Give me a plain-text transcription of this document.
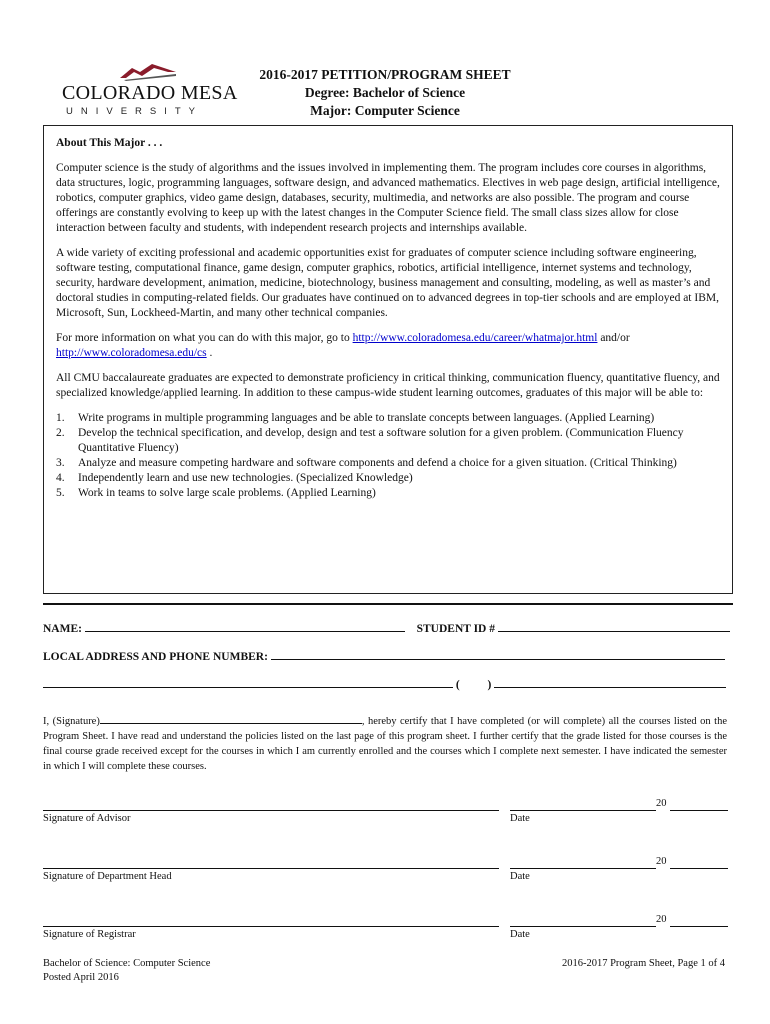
COLORADO MESA
UNIVERSITY
2016-2017 PETITION/PROGRAM SHEET
Degree: Bachelor of Science
Major: Computer Science

About This Major . . .

Computer science is the study of algorithms and the issues involved in implementing them. The program includes core courses in algorithms, data structures, logic, programming languages, software design, and advanced mathematics. Electives in web page design, artificial intelligence, robotics, computer graphics, video game design, databases, security, multimedia, and networks are also possible. The program and course offerings are constantly evolving to keep up with the latest changes in the Computer Science field. The small class sizes allow for close interaction between faculty and students, with independent research projects and internships available.

A wide variety of exciting professional and academic opportunities exist for graduates of computer science including software engineering, software testing, computational finance, game design, computer graphics, robotics, artificial intelligence, internet systems and technology, security, hardware development, animation, medicine, biotechnology, business management and consulting, modeling, as well as master’s and doctoral studies in computing-related fields. Our graduates have continued on to advanced degrees in top-tier schools and are employed at IBM, Microsoft, Sun, Lockheed-Martin, and many other technical companies.

For more information on what you can do with this major, go to http://www.coloradomesa.edu/career/whatmajor.html and/or http://www.coloradomesa.edu/cs .

All CMU baccalaureate graduates are expected to demonstrate proficiency in critical thinking, communication fluency, quantitative fluency, and specialized knowledge/applied learning. In addition to these campus-wide student learning outcomes, graduates of this major will be able to:

1.	Write programs in multiple programming languages and be able to translate concepts between languages. (Applied Learning)
2.	Develop the technical specification, and develop, design and test a software solution for a given problem. (Communication Fluency Quantitative Fluency)
3.	Analyze and measure competing hardware and software components and defend a choice for a given situation. (Critical Thinking)
4.	Independently learn and use new technologies. (Specialized Knowledge)
5.	Work in teams to solve large scale problems. (Applied Learning)
NAME:	STUDENT ID #
LOCAL ADDRESS AND PHONE NUMBER:
( )
I, (Signature)	, hereby certify that I have completed (or will complete) all the courses listed on the Program Sheet. I have read and understand the policies listed on the last page of this program sheet. I further certify that the grade listed for those courses is the final course grade received except for the courses in which I am currently enrolled and the courses which I complete next semester. I have indicated the semester in which I will complete these courses.
Signature of Advisor
20
Date
Signature of Department Head
20
Date
Signature of Registrar
20
Date
Bachelor of Science: Computer Science
Posted April 2016
2016-2017 Program Sheet, Page 1 of 4
